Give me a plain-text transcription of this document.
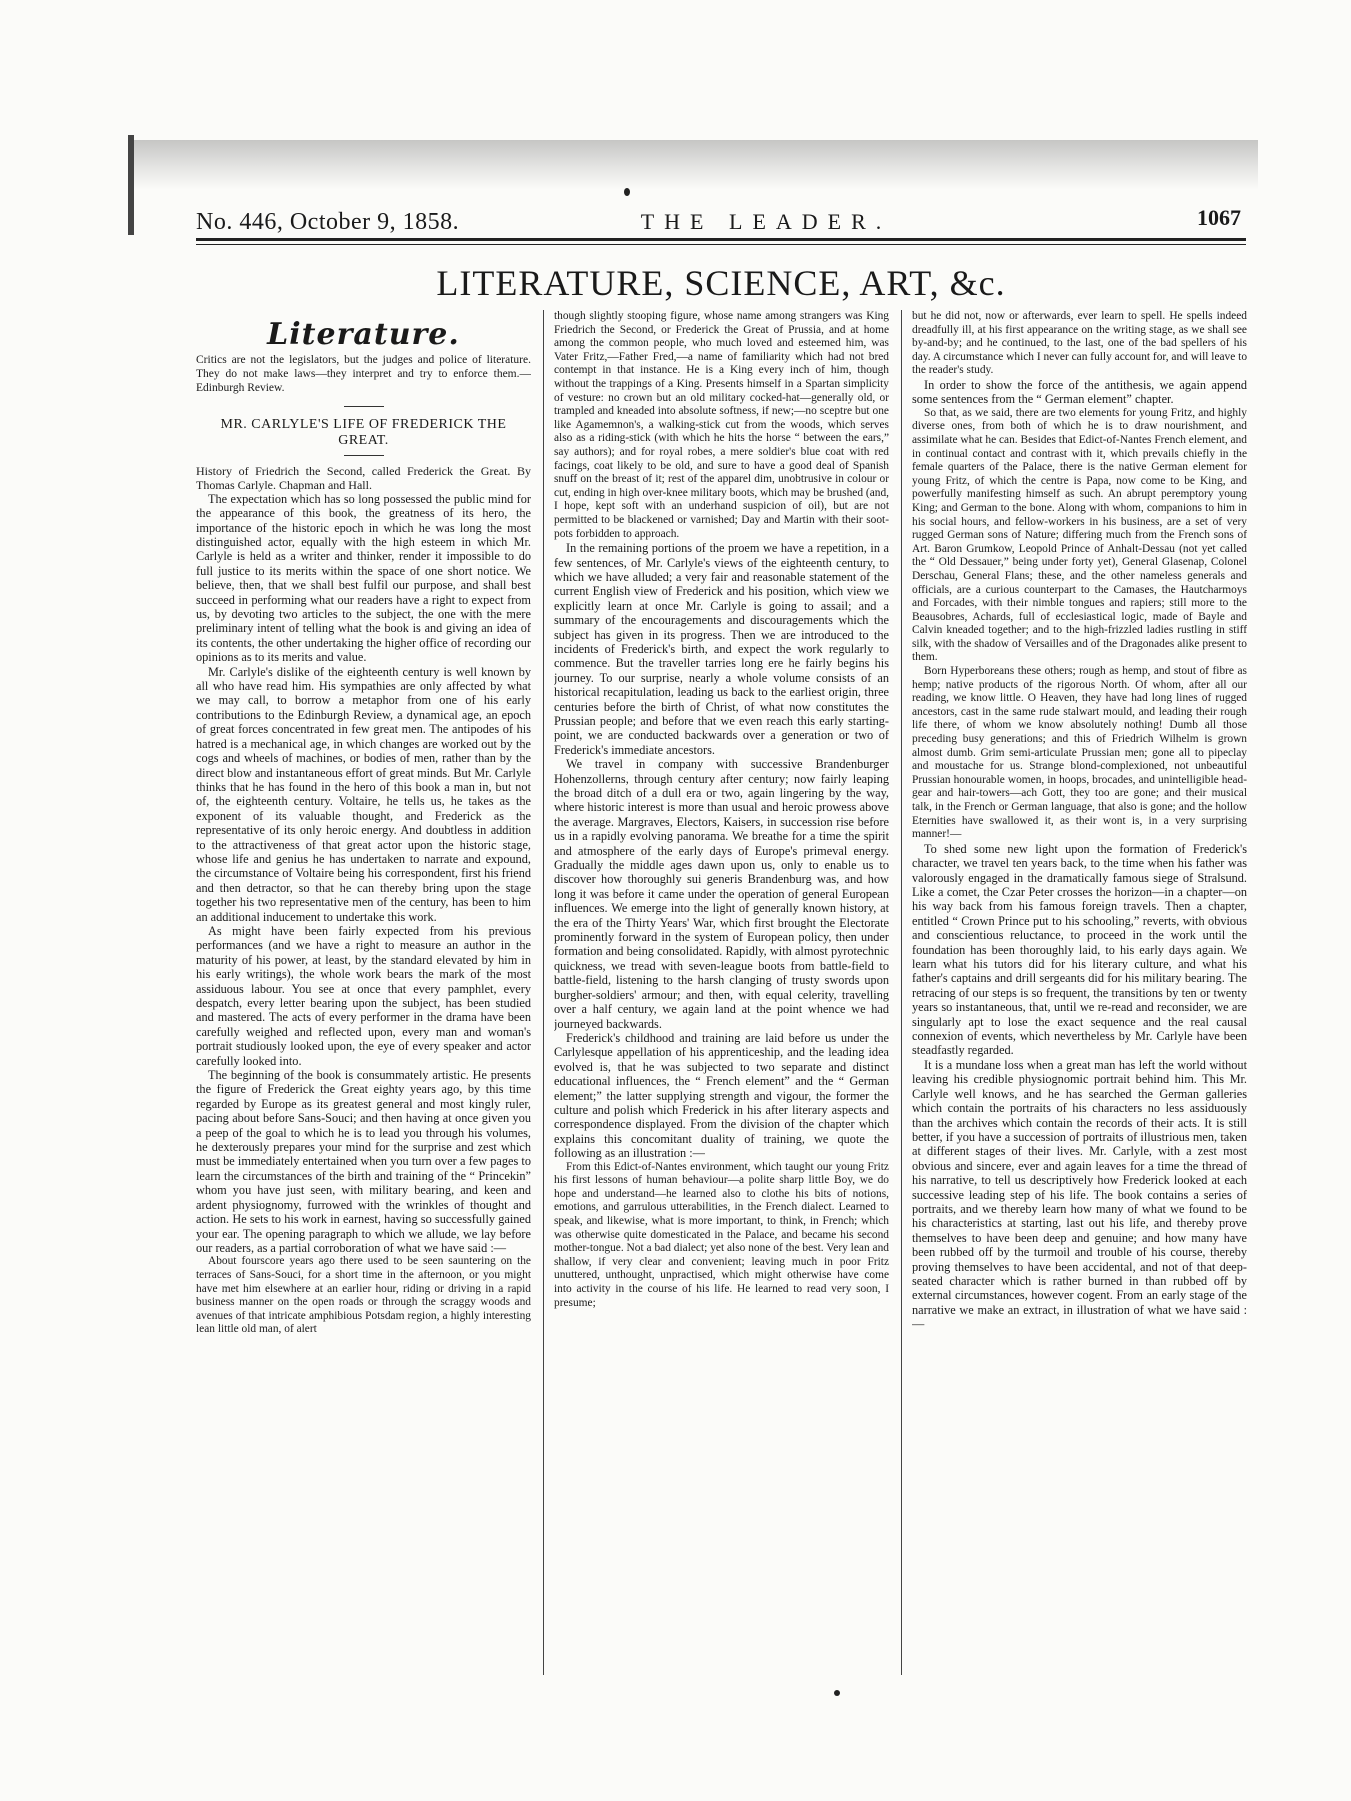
No. 446, October 9, 1858.	THE LEADER.	1067
LITERATURE, SCIENCE, ART, &c.
Literature.

Critics are not the legislators, but the judges and police of literature. They do not make laws—they interpret and try to enforce them.—Edinburgh Review.

MR. CARLYLE'S LIFE OF FREDERICK THE GREAT.

History of Friedrich the Second, called Frederick the Great. By Thomas Carlyle. Chapman and Hall.

The expectation which has so long possessed the public mind for the appearance of this book, the greatness of its hero, the importance of the historic epoch in which he was long the most distinguished actor, equally with the high esteem in which Mr. Carlyle is held as a writer and thinker, render it impossible to do full justice to its merits within the space of one short notice. We believe, then, that we shall best fulfil our purpose, and shall best succeed in performing what our readers have a right to expect from us, by devoting two articles to the subject, the one with the mere preliminary intent of telling what the book is and giving an idea of its contents, the other undertaking the higher office of recording our opinions as to its merits and value.

Mr. Carlyle's dislike of the eighteenth century is well known by all who have read him. His sympathies are only affected by what we may call, to borrow a metaphor from one of his early contributions to the Edinburgh Review, a dynamical age, an epoch of great forces concentrated in few great men. The antipodes of his hatred is a mechanical age, in which changes are worked out by the cogs and wheels of machines, or bodies of men, rather than by the direct blow and instantaneous effort of great minds. But Mr. Carlyle thinks that he has found in the hero of this book a man in, but not of, the eighteenth century. Voltaire, he tells us, he takes as the exponent of its valuable thought, and Frederick as the representative of its only heroic energy. And doubtless in addition to the attractiveness of that great actor upon the historic stage, whose life and genius he has undertaken to narrate and expound, the circumstance of Voltaire being his correspondent, first his friend and then detractor, so that he can thereby bring upon the stage together his two representative men of the century, has been to him an additional inducement to undertake this work.

As might have been fairly expected from his previous performances (and we have a right to measure an author in the maturity of his power, at least, by the standard elevated by him in his early writings), the whole work bears the mark of the most assiduous labour. You see at once that every pamphlet, every despatch, every letter bearing upon the subject, has been studied and mastered. The acts of every performer in the drama have been carefully weighed and reflected upon, every man and woman's portrait studiously looked upon, the eye of every speaker and actor carefully looked into.

The beginning of the book is consummately artistic. He presents the figure of Frederick the Great eighty years ago, by this time regarded by Europe as its greatest general and most kingly ruler, pacing about before Sans-Souci; and then having at once given you a peep of the goal to which he is to lead you through his volumes, he dexterously prepares your mind for the surprise and zest which must be immediately entertained when you turn over a few pages to learn the circumstances of the birth and training of the “ Princekin” whom you have just seen, with military bearing, and keen and ardent physiognomy, furrowed with the wrinkles of thought and action. He sets to his work in earnest, having so successfully gained your ear. The opening paragraph to which we allude, we lay before our readers, as a partial corroboration of what we have said :—

About fourscore years ago there used to be seen sauntering on the terraces of Sans-Souci, for a short time in the afternoon, or you might have met him elsewhere at an earlier hour, riding or driving in a rapid business manner on the open roads or through the scraggy woods and avenues of that intricate amphibious Potsdam region, a highly interesting lean little old man, of alert

though slightly stooping figure, whose name among strangers was King Friedrich the Second, or Frederick the Great of Prussia, and at home among the common people, who much loved and esteemed him, was Vater Fritz,—Father Fred,—a name of familiarity which had not bred contempt in that instance. He is a King every inch of him, though without the trappings of a King. Presents himself in a Spartan simplicity of vesture: no crown but an old military cocked-hat—generally old, or trampled and kneaded into absolute softness, if new;—no sceptre but one like Agamemnon's, a walking-stick cut from the woods, which serves also as a riding-stick (with which he hits the horse “ between the ears,” say authors); and for royal robes, a mere soldier's blue coat with red facings, coat likely to be old, and sure to have a good deal of Spanish snuff on the breast of it; rest of the apparel dim, unobtrusive in colour or cut, ending in high over-knee military boots, which may be brushed (and, I hope, kept soft with an underhand suspicion of oil), but are not permitted to be blackened or varnished; Day and Martin with their soot-pots forbidden to approach.

In the remaining portions of the proem we have a repetition, in a few sentences, of Mr. Carlyle's views of the eighteenth century, to which we have alluded; a very fair and reasonable statement of the current English view of Frederick and his position, which view we explicitly learn at once Mr. Carlyle is going to assail; and a summary of the encouragements and discouragements which the subject has given in its progress. Then we are introduced to the incidents of Frederick's birth, and expect the work regularly to commence. But the traveller tarries long ere he fairly begins his journey. To our surprise, nearly a whole volume consists of an historical recapitulation, leading us back to the earliest origin, three centuries before the birth of Christ, of what now constitutes the Prussian people; and before that we even reach this early starting-point, we are conducted backwards over a generation or two of Frederick's immediate ancestors.

We travel in company with successive Brandenburger Hohenzollerns, through century after century; now fairly leaping the broad ditch of a dull era or two, again lingering by the way, where historic interest is more than usual and heroic prowess above the average. Margraves, Electors, Kaisers, in succession rise before us in a rapidly evolving panorama. We breathe for a time the spirit and atmosphere of the early days of Europe's primeval energy. Gradually the middle ages dawn upon us, only to enable us to discover how thoroughly sui generis Brandenburg was, and how long it was before it came under the operation of general European influences. We emerge into the light of generally known history, at the era of the Thirty Years' War, which first brought the Electorate prominently forward in the system of European policy, then under formation and being consolidated. Rapidly, with almost pyrotechnic quickness, we tread with seven-league boots from battle-field to battle-field, listening to the harsh clanging of trusty swords upon burgher-soldiers' armour; and then, with equal celerity, travelling over a half century, we again land at the point whence we had journeyed backwards.

Frederick's childhood and training are laid before us under the Carlylesque appellation of his apprenticeship, and the leading idea evolved is, that he was subjected to two separate and distinct educational influences, the “ French element” and the “ German element;” the latter supplying strength and vigour, the former the culture and polish which Frederick in his after literary aspects and correspondence displayed. From the division of the chapter which explains this concomitant duality of training, we quote the following as an illustration :—

From this Edict-of-Nantes environment, which taught our young Fritz his first lessons of human behaviour—a polite sharp little Boy, we do hope and understand—he learned also to clothe his bits of notions, emotions, and garrulous utterabilities, in the French dialect. Learned to speak, and likewise, what is more important, to think, in French; which was otherwise quite domesticated in the Palace, and became his second mother-tongue. Not a bad dialect; yet also none of the best. Very lean and shallow, if very clear and convenient; leaving much in poor Fritz unuttered, unthought, unpractised, which might otherwise have come into activity in the course of his life. He learned to read very soon, I presume;

but he did not, now or afterwards, ever learn to spell. He spells indeed dreadfully ill, at his first appearance on the writing stage, as we shall see by-and-by; and he continued, to the last, one of the bad spellers of his day. A circumstance which I never can fully account for, and will leave to the reader's study.

In order to show the force of the antithesis, we again append some sentences from the “ German element” chapter.

So that, as we said, there are two elements for young Fritz, and highly diverse ones, from both of which he is to draw nourishment, and assimilate what he can. Besides that Edict-of-Nantes French element, and in continual contact and contrast with it, which prevails chiefly in the female quarters of the Palace, there is the native German element for young Fritz, of which the centre is Papa, now come to be King, and powerfully manifesting himself as such. An abrupt peremptory young King; and German to the bone. Along with whom, companions to him in his social hours, and fellow-workers in his business, are a set of very rugged German sons of Nature; differing much from the French sons of Art. Baron Grumkow, Leopold Prince of Anhalt-Dessau (not yet called the “ Old Dessauer,” being under forty yet), General Glasenap, Colonel Derschau, General Flans; these, and the other nameless generals and officials, are a curious counterpart to the Camases, the Hautcharmoys and Forcades, with their nimble tongues and rapiers; still more to the Beausobres, Achards, full of ecclesiastical logic, made of Bayle and Calvin kneaded together; and to the high-frizzled ladies rustling in stiff silk, with the shadow of Versailles and of the Dragonades alike present to them.

Born Hyperboreans these others; rough as hemp, and stout of fibre as hemp; native products of the rigorous North. Of whom, after all our reading, we know little. O Heaven, they have had long lines of rugged ancestors, cast in the same rude stalwart mould, and leading their rough life there, of whom we know absolutely nothing! Dumb all those preceding busy generations; and this of Friedrich Wilhelm is grown almost dumb. Grim semi-articulate Prussian men; gone all to pipeclay and moustache for us. Strange blond-complexioned, not unbeautiful Prussian honourable women, in hoops, brocades, and unintelligible head-gear and hair-towers—ach Gott, they too are gone; and their musical talk, in the French or German language, that also is gone; and the hollow Eternities have swallowed it, as their wont is, in a very surprising manner!—

To shed some new light upon the formation of Frederick's character, we travel ten years back, to the time when his father was valorously engaged in the dramatically famous siege of Stralsund. Like a comet, the Czar Peter crosses the horizon—in a chapter—on his way back from his famous foreign travels. Then a chapter, entitled “ Crown Prince put to his schooling,” reverts, with obvious and conscientious reluctance, to proceed in the work until the foundation has been thoroughly laid, to his early days again. We learn what his tutors did for his literary culture, and what his father's captains and drill sergeants did for his military bearing. The retracing of our steps is so frequent, the transitions by ten or twenty years so instantaneous, that, until we re-read and reconsider, we are singularly apt to lose the exact sequence and the real causal connexion of events, which nevertheless by Mr. Carlyle have been steadfastly regarded.

It is a mundane loss when a great man has left the world without leaving his credible physiognomic portrait behind him. This Mr. Carlyle well knows, and he has searched the German galleries which contain the portraits of his characters no less assiduously than the archives which contain the records of their acts. It is still better, if you have a succession of portraits of illustrious men, taken at different stages of their lives. Mr. Carlyle, with a zest most obvious and sincere, ever and again leaves for a time the thread of his narrative, to tell us descriptively how Frederick looked at each successive leading step of his life. The book contains a series of portraits, and we thereby learn how many of what we found to be his characteristics at starting, last out his life, and thereby prove themselves to have been deep and genuine; and how many have been rubbed off by the turmoil and trouble of his course, thereby proving themselves to have been accidental, and not of that deep-seated character which is rather burned in than rubbed off by external circumstances, however cogent. From an early stage of the narrative we make an extract, in illustration of what we have said :—
